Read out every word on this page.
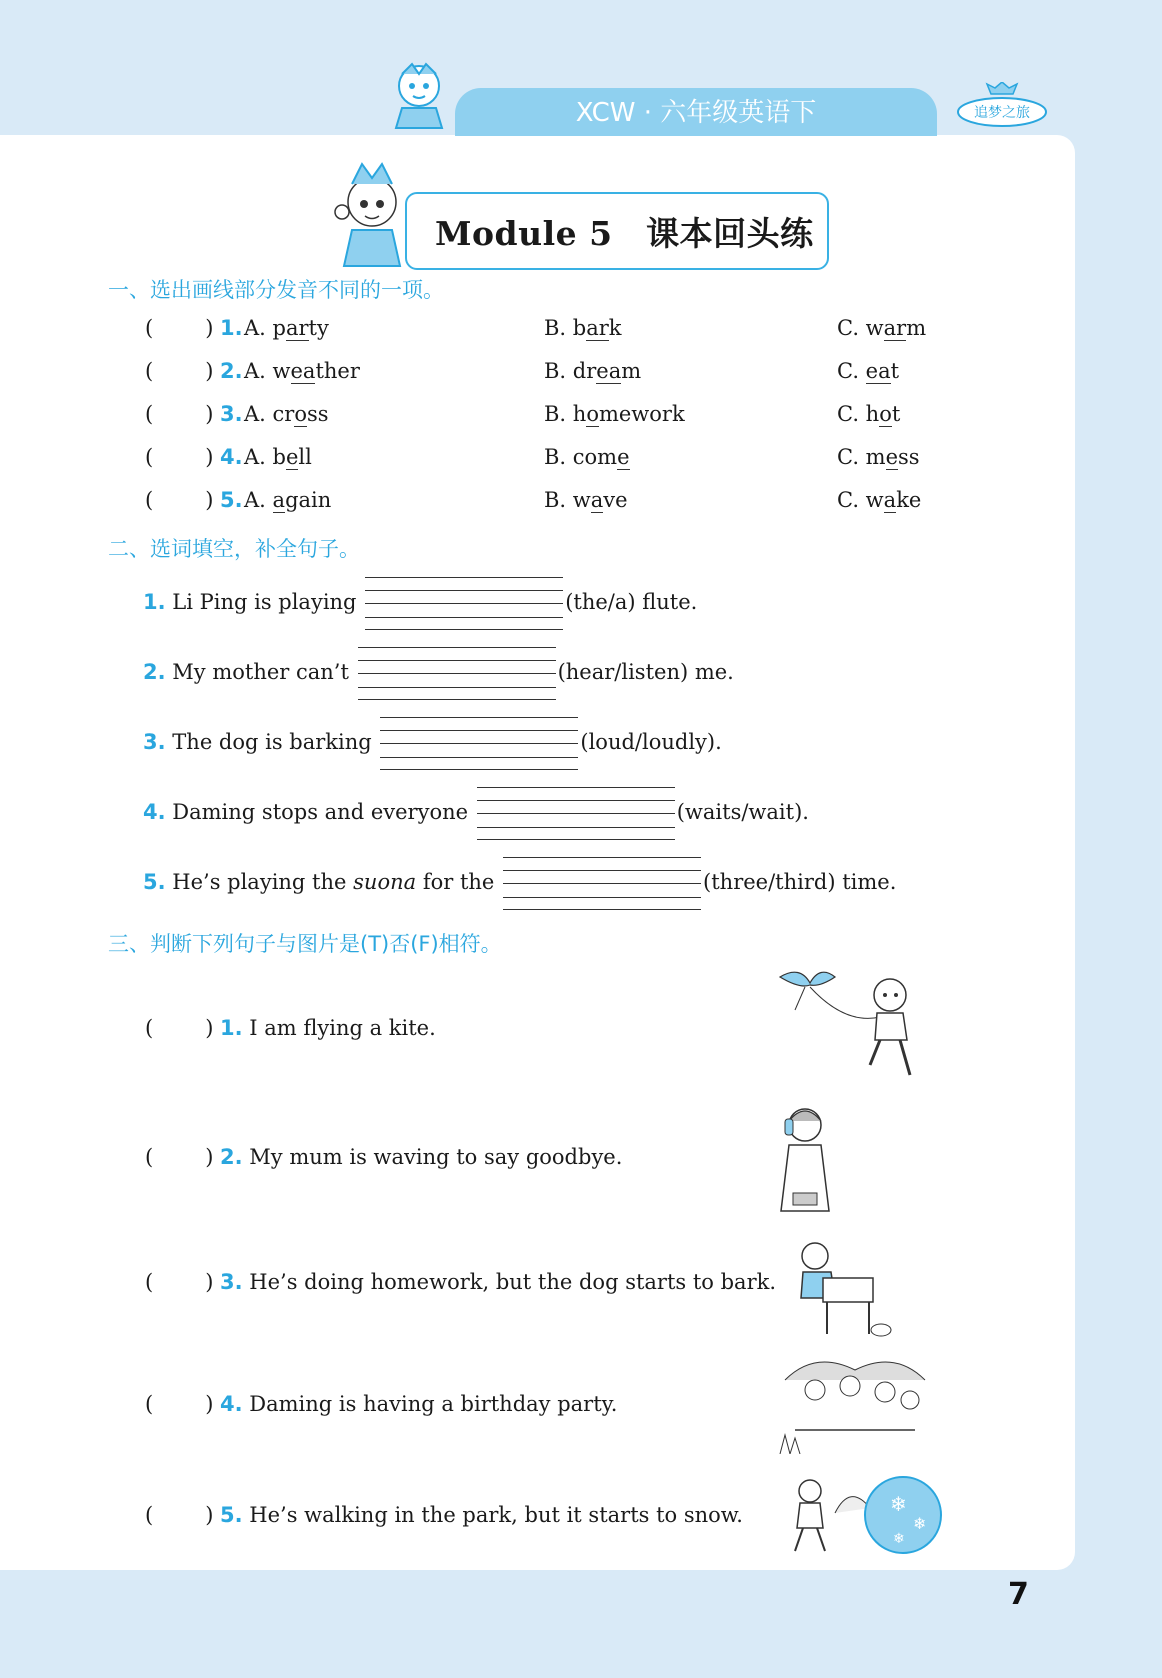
XCW · 六年级英语下	追梦之旅
Module 5　课本回头练
一、选出画线部分发音不同的一项。
( ) 1. A. party	B. bark	C. warm
( ) 2. A. weather	B. dream	C. eat
( ) 3. A. cross	B. homework	C. hot
( ) 4. A. bell	B. come	C. mess
( ) 5. A. again	B. wave	C. wake
二、选词填空，补全句子。
1. Li Ping is playing	(the/a) flute.
2. My mother can’t	(hear/listen) me.
3. The dog is barking	(loud/loudly).
4. Daming stops and everyone	(waits/wait).
5. He’s playing the suona for the	(three/third) time.
三、判断下列句子与图片是(T)否(F)相符。
( ) 1. I am flying a kite.
( ) 2. My mum is waving to say goodbye.
( ) 3. He’s doing homework, but the dog starts to bark.
( ) 4. Daming is having a birthday party.
( ) 5. He’s walking in the park, but it starts to snow.	❄
❄
❄
7
